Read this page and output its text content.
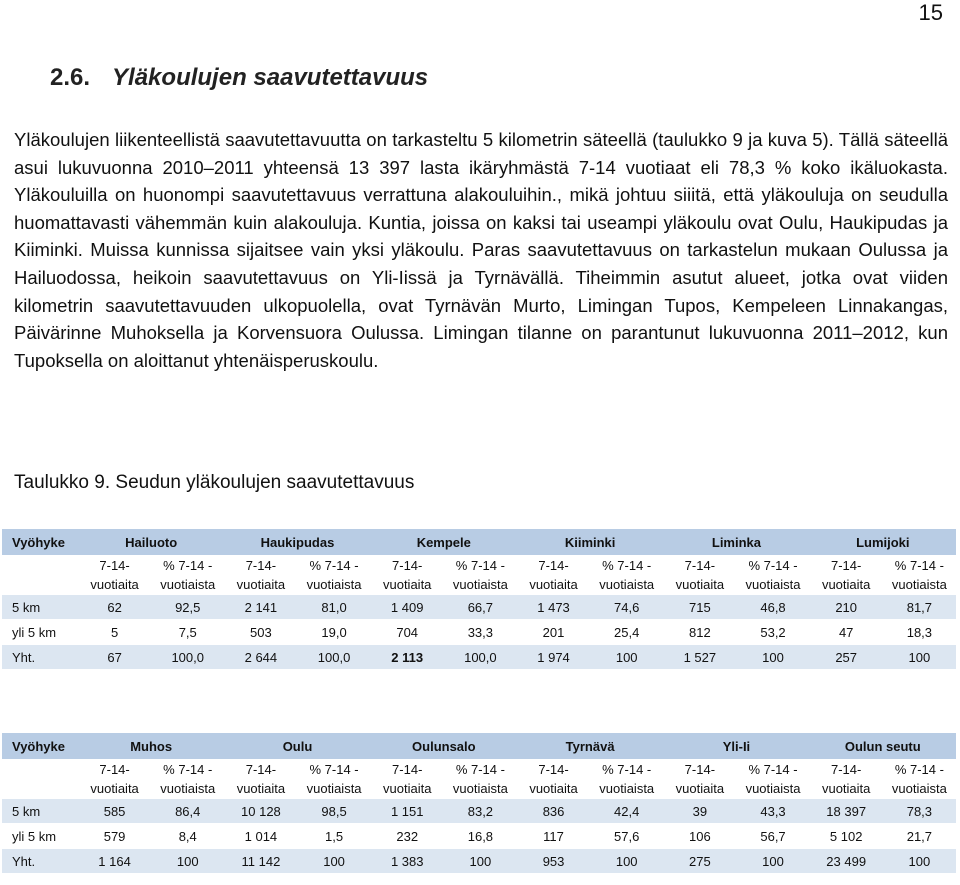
15
2.6. Yläkoulujen saavutettavuus
Yläkoulujen liikenteellistä saavutettavuutta on tarkasteltu 5 kilometrin säteellä (taulukko 9 ja kuva 5). Tällä säteellä asui lukuvuonna 2010–2011 yhteensä 13 397 lasta ikäryhmästä 7-14 vuotiaat eli 78,3 % koko ikäluokasta. Yläkouluilla on huonompi saavutettavuus verrattuna alakouluihin., mikä johtuu siiitä, että yläkouluja on seudulla huomattavasti vähemmän kuin alakouluja. Kuntia, joissa on kaksi tai useampi yläkoulu ovat Oulu, Haukipudas ja Kiiminki. Muissa kunnissa sijaitsee vain yksi yläkoulu. Paras saavutettavuus on tarkastelun mukaan Oulussa ja Hailuodossa, heikoin saavutettavuus on Yli-Iissä ja Tyrnävällä. Tiheimmin asutut alueet, jotka ovat viiden kilometrin saavutettavuuden ulkopuolella, ovat Tyrnävän Murto, Limingan Tupos, Kempeleen Linnakangas, Päivärinne Muhoksella ja Korvensuora Oulussa. Limingan tilanne on parantunut lukuvuonna 2011–2012, kun Tupoksella on aloittanut yhtenäisperuskoulu.
Taulukko 9. Seudun yläkoulujen saavutettavuus
Vyöhyke	Hailuoto		Haukipudas		Kempele		Kiiminki		Liminka		Lumijoki	
	7-14- vuotiaita	% 7-14 - vuotiaista	7-14- vuotiaita	% 7-14 - vuotiaista	7-14- vuotiaita	% 7-14 - vuotiaista	7-14- vuotiaita	% 7-14 - vuotiaista	7-14- vuotiaita	% 7-14 - vuotiaista	7-14- vuotiaita	% 7-14 - vuotiaista
5 km	62	92,5	2 141	81,0	1 409	66,7	1 473	74,6	715	46,8	210	81,7
yli 5 km	5	7,5	503	19,0	704	33,3	201	25,4	812	53,2	47	18,3
Yht.	67	100,0	2 644	100,0	2 113	100,0	1 974	100	1 527	100	257	100
Vyöhyke	Muhos		Oulu		Oulunsalo		Tyrnävä		Yli-Ii		Oulun seutu	
	7-14- vuotiaita	% 7-14 - vuotiaista	7-14- vuotiaita	% 7-14 - vuotiaista	7-14- vuotiaita	% 7-14 - vuotiaista	7-14- vuotiaita	% 7-14 - vuotiaista	7-14- vuotiaita	% 7-14 - vuotiaista	7-14- vuotiaita	% 7-14 - vuotiaista
5 km	585	86,4	10 128	98,5	1 151	83,2	836	42,4	39	43,3	18 397	78,3
yli 5 km	579	8,4	1 014	1,5	232	16,8	117	57,6	106	56,7	5 102	21,7
Yht.	1 164	100	11 142	100	1 383	100	953	100	275	100	23 499	100
